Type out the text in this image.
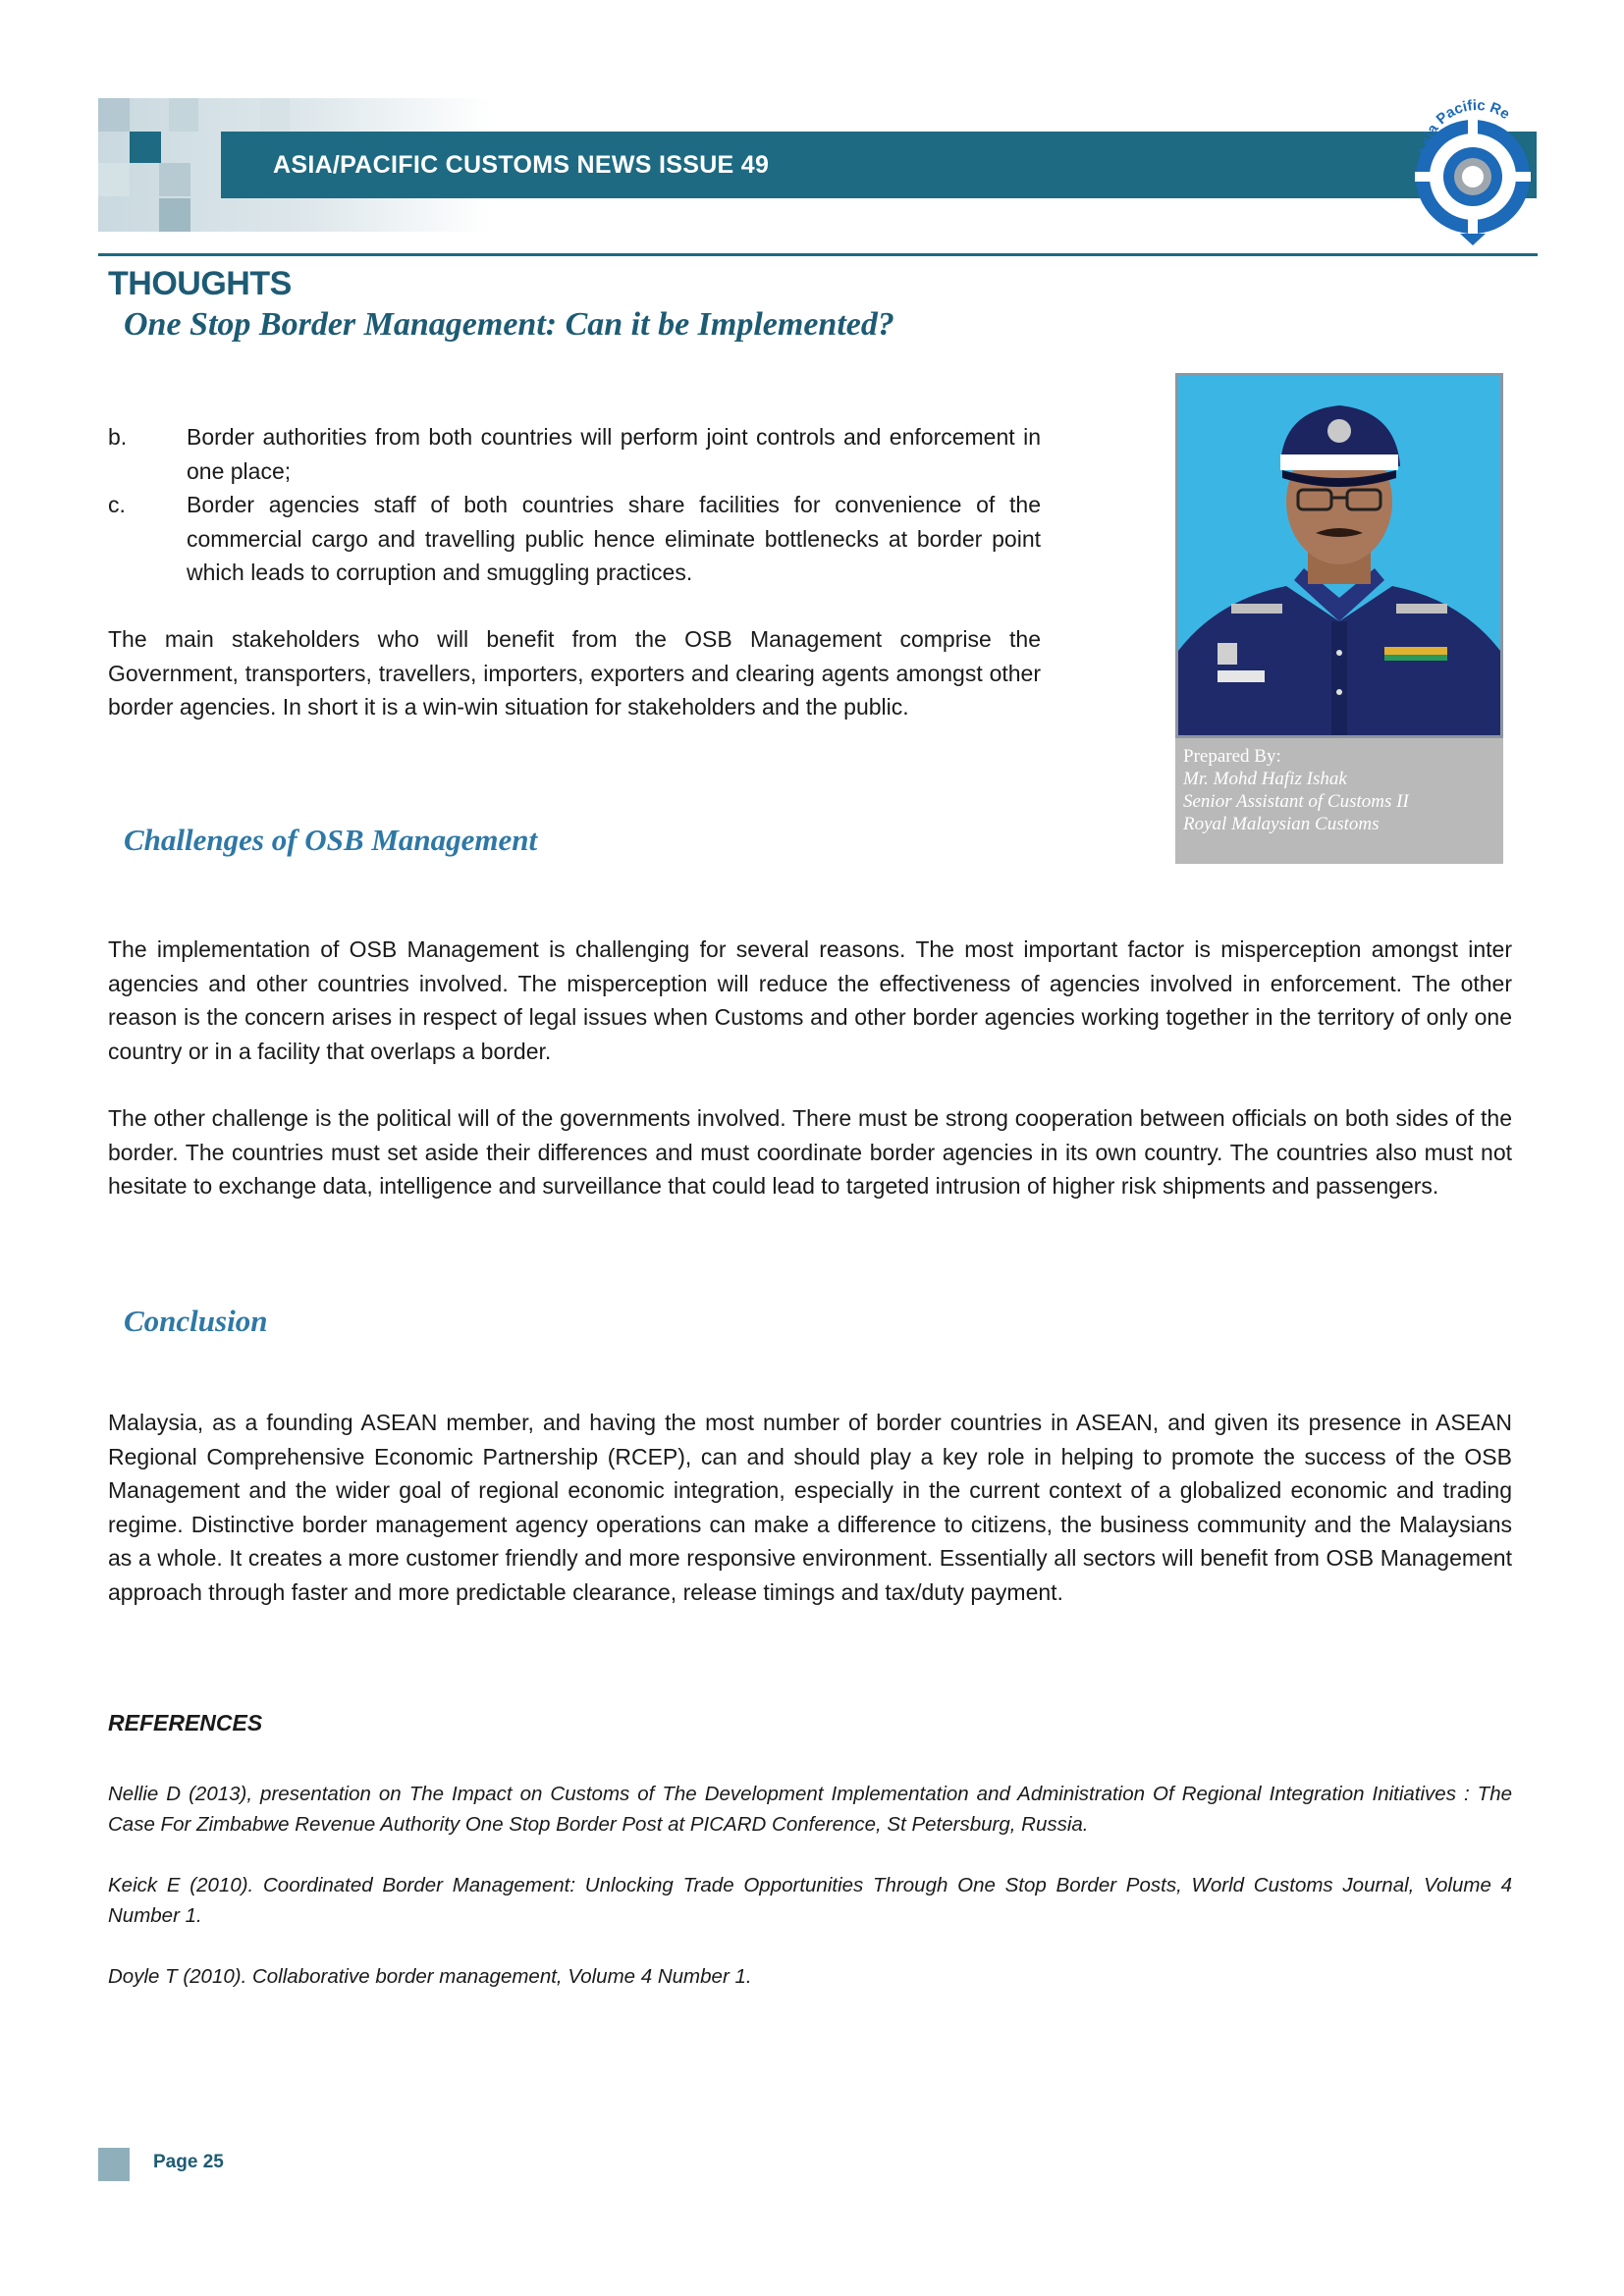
ASIA/PACIFIC CUSTOMS NEWS ISSUE 49	Asia Pacific Re
THOUGHTS
One Stop Border Management: Can it be Implemented?
b.	Border authorities from both countries will perform joint controls and enforcement in one place;
c.	Border agencies staff of both countries share facilities for convenience of the commercial cargo and travelling public hence eliminate bottlenecks at border point which leads to corruption and smuggling practices.
The main stakeholders who will benefit from the OSB Management comprise the Government, transporters, travellers, importers, exporters and clearing agents amongst other border agencies. In short it is a win-win situation for stakeholders and the public.
Prepared By:
Mr. Mohd Hafiz Ishak
Senior Assistant of Customs II
Royal Malaysian Customs
Challenges of OSB Management
The implementation of OSB Management is challenging for several reasons. The most important factor is misperception amongst inter agencies and other countries involved. The misperception will reduce the effectiveness of agencies involved in enforcement. The other reason is the concern arises in respect of legal issues when Customs and other border agencies working together in the territory of only one country or in a facility that overlaps a border.
The other challenge is the political will of the governments involved. There must be strong cooperation between officials on both sides of the border. The countries must set aside their differences and must coordinate border agencies in its own country. The countries also must not hesitate to exchange data, intelligence and surveillance that could lead to targeted intrusion of higher risk shipments and passengers.
Conclusion
Malaysia, as a founding ASEAN member, and having the most number of border countries in ASEAN, and given its presence in ASEAN Regional Comprehensive Economic Partnership (RCEP), can and should play a key role in helping to promote the success of the OSB Management and the wider goal of regional economic integration, especially in the current context of a globalized economic and trading regime. Distinctive border management agency operations can make a difference to citizens, the business community and the Malaysians as a whole. It creates a more customer friendly and more responsive environment. Essentially all sectors will benefit from OSB Management approach through faster and more predictable clearance, release timings and tax/duty payment.
REFERENCES
Nellie D (2013), presentation on The Impact on Customs of The Development Implementation and Administration Of Regional Integration Initiatives : The Case For Zimbabwe Revenue Authority One Stop Border Post at PICARD Conference, St Petersburg, Russia.
Keick E (2010). Coordinated Border Management: Unlocking Trade Opportunities Through One Stop Border Posts, World Customs Journal, Volume 4 Number 1.
Doyle T (2010). Collaborative border management, Volume 4 Number 1.
Page 25
